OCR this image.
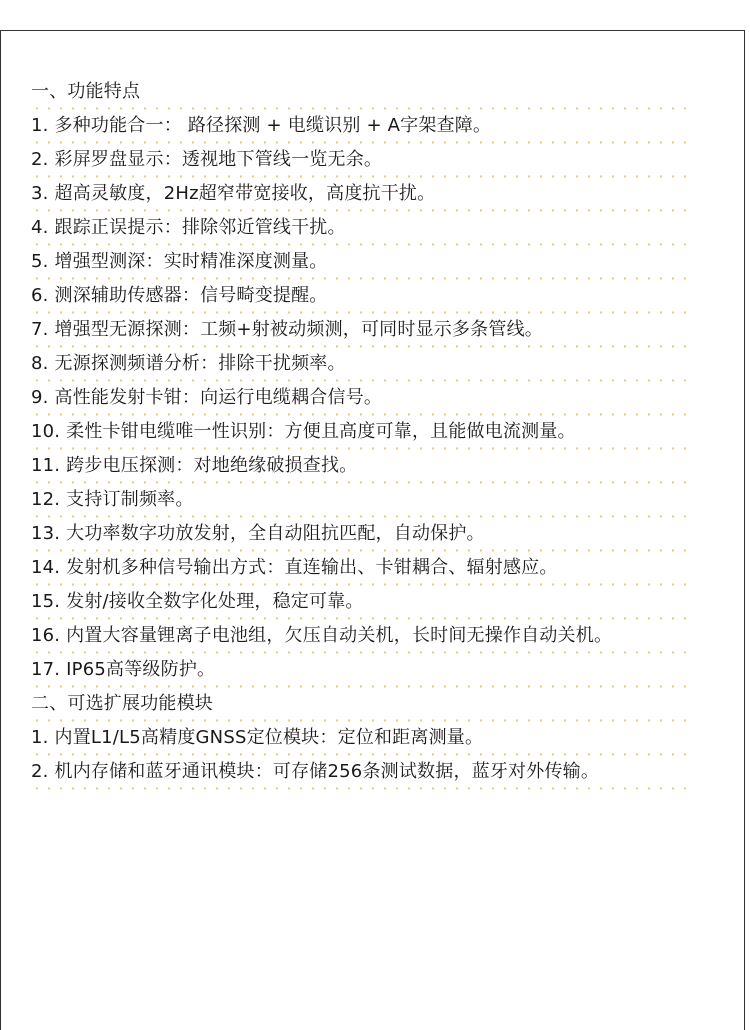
一、功能特点
1. 多种功能合一： 路径探测 + 电缆识别 + A字架查障。
2. 彩屏罗盘显示：透视地下管线一览无余。
3. 超高灵敏度，2Hz超窄带宽接收，高度抗干扰。
4. 跟踪正误提示：排除邻近管线干扰。
5. 增强型测深：实时精准深度测量。
6. 测深辅助传感器：信号畸变提醒。
7. 增强型无源探测：工频+射被动频测，可同时显示多条管线。
8. 无源探测频谱分析：排除干扰频率。
9. 高性能发射卡钳：向运行电缆耦合信号。
10. 柔性卡钳电缆唯一性识别：方便且高度可靠，且能做电流测量。
11. 跨步电压探测：对地绝缘破损查找。
12. 支持订制频率。
13. 大功率数字功放发射，全自动阻抗匹配，自动保护。
14. 发射机多种信号输出方式：直连输出、卡钳耦合、辐射感应。
15. 发射/接收全数字化处理，稳定可靠。
16. 内置大容量锂离子电池组，欠压自动关机，长时间无操作自动关机。
17. IP65高等级防护。
二、可选扩展功能模块
1. 内置L1/L5高精度GNSS定位模块：定位和距离测量。
2. 机内存储和蓝牙通讯模块：可存储256条测试数据，蓝牙对外传输。
